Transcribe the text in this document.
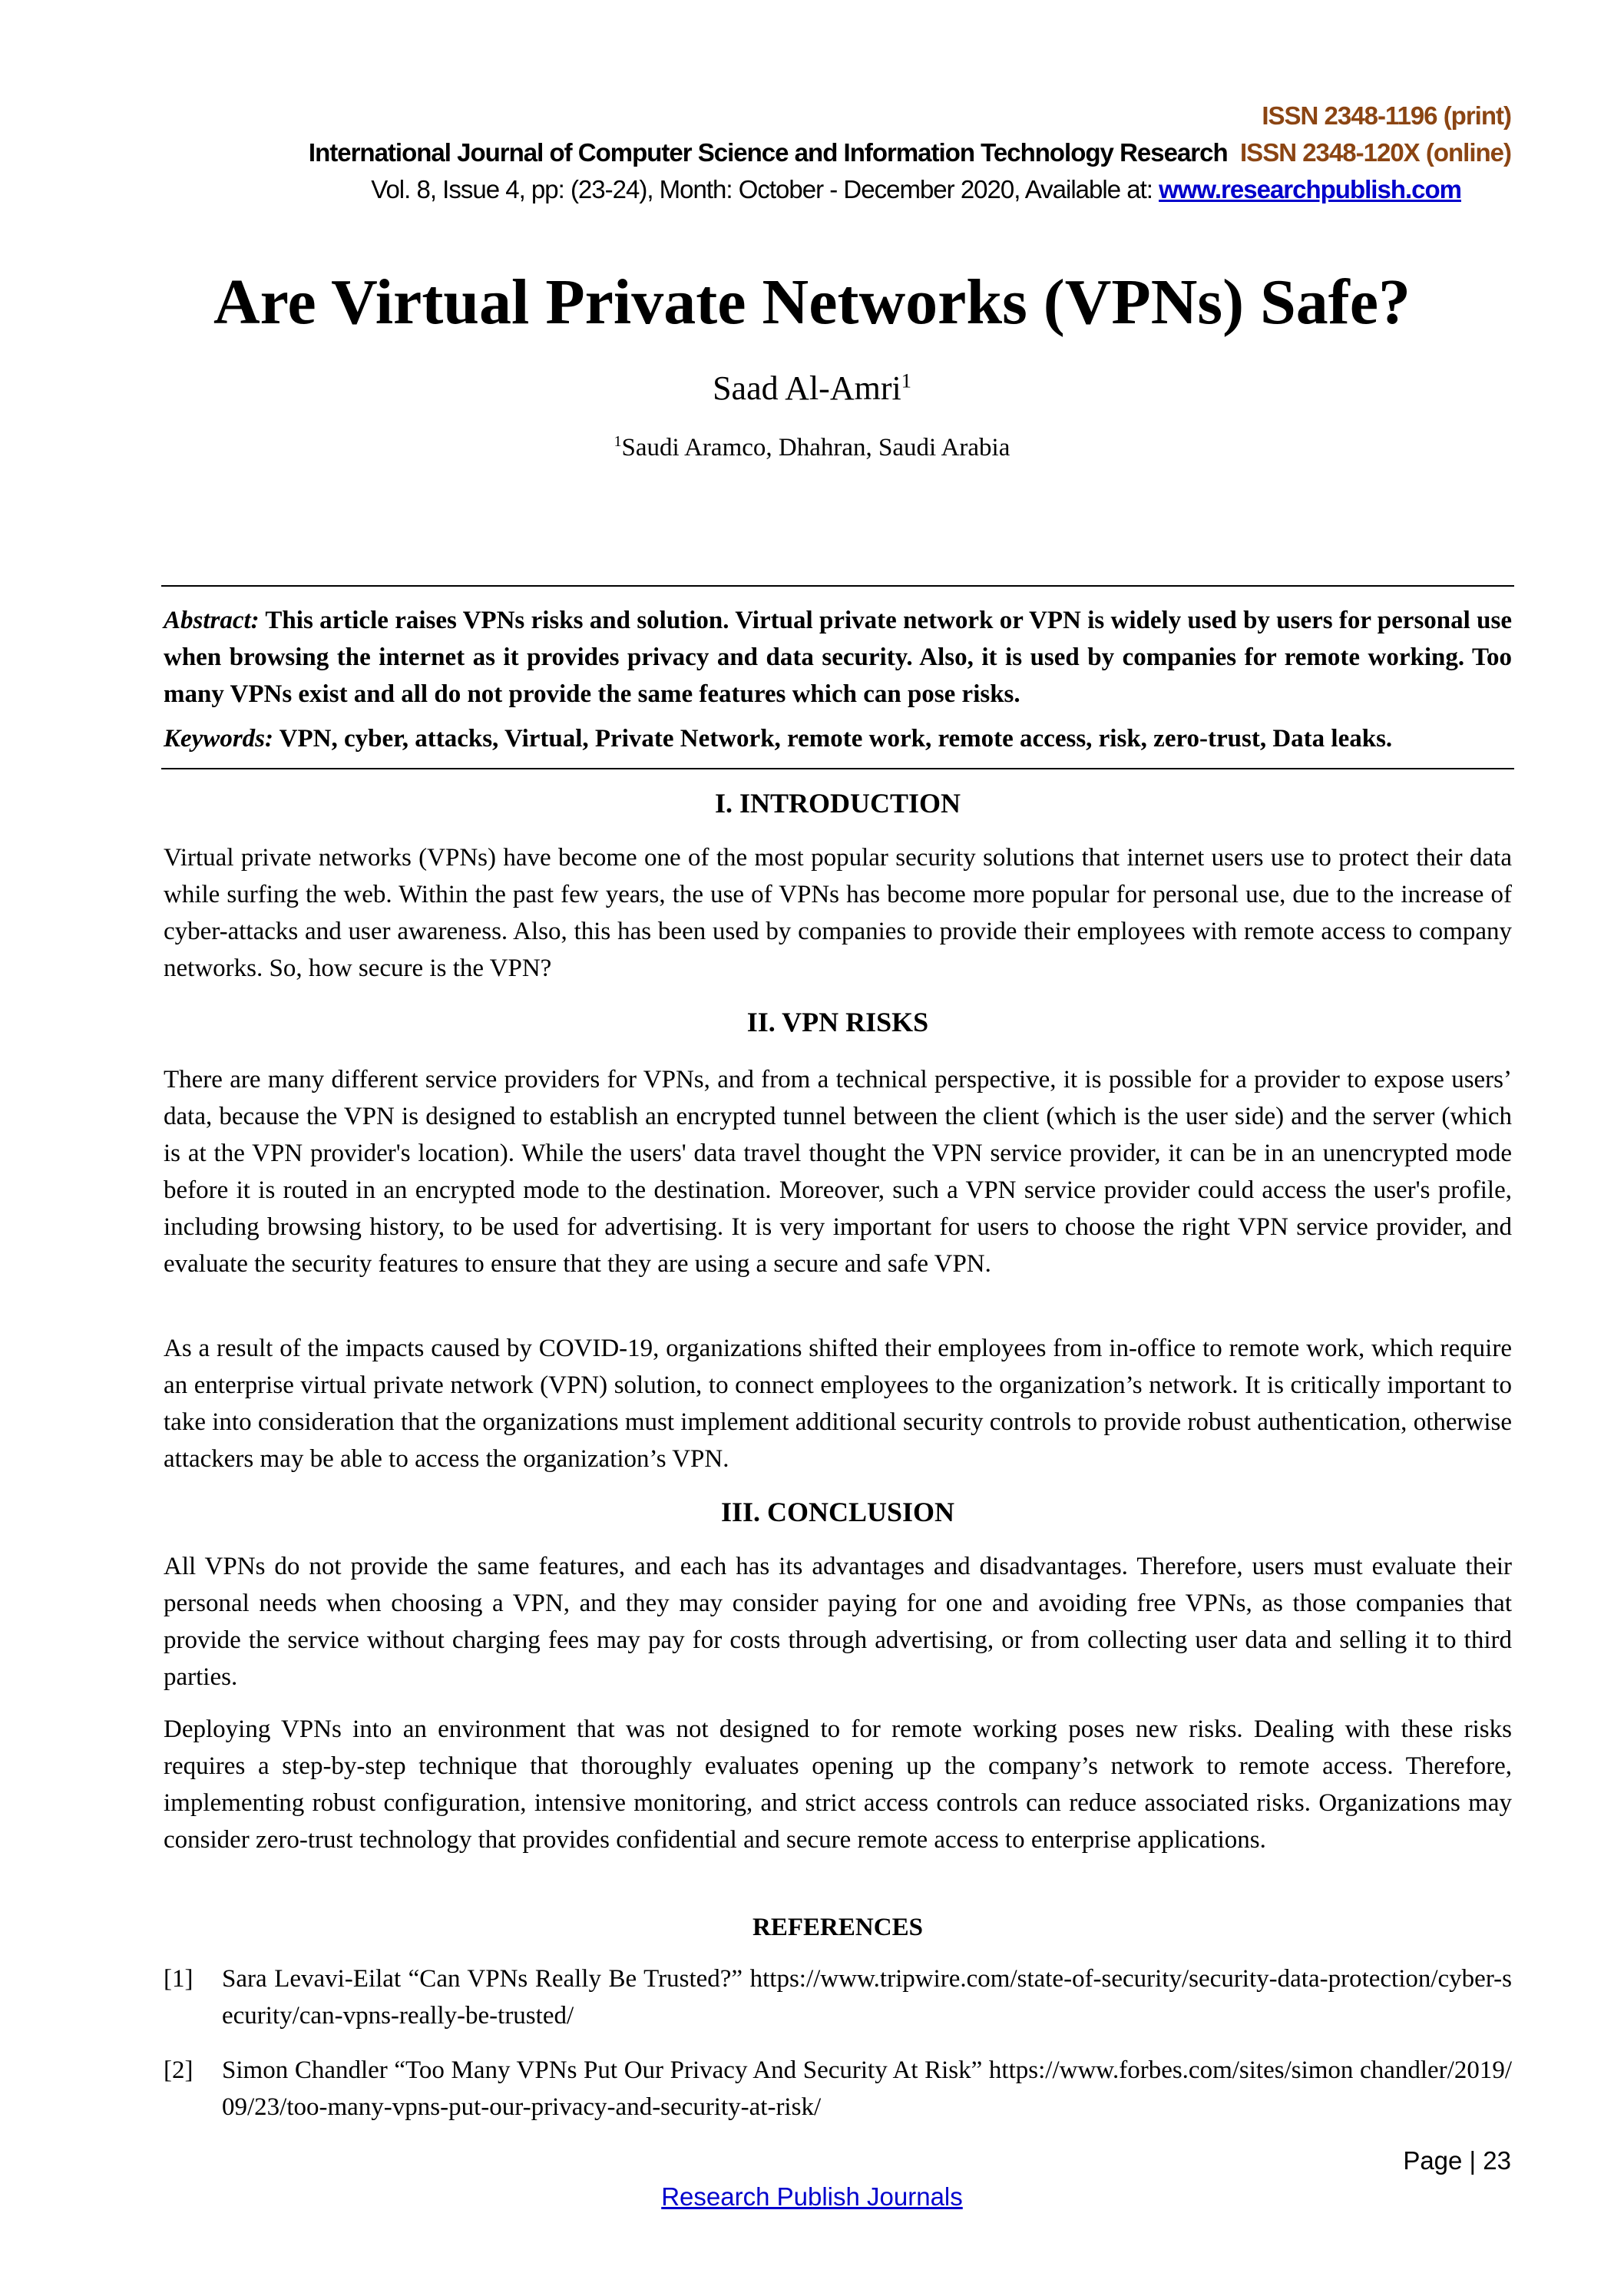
ISSN 2348-1196 (print)
International Journal of Computer Science and Information Technology Research ISSN 2348-120X (online)
Vol. 8, Issue 4, pp: (23-24), Month: October - December 2020, Available at: www.researchpublish.com
Are Virtual Private Networks (VPNs) Safe?
Saad Al-Amri$^1$
$^1$Saudi Aramco, Dhahran, Saudi Arabia

Abstract: This article raises VPNs risks and solution. Virtual private network or VPN is widely used by users for personal use when browsing the internet as it provides privacy and data security. Also, it is used by companies for remote working. Too many VPNs exist and all do not provide the same features which can pose risks.

Keywords: VPN, cyber, attacks, Virtual, Private Network, remote work, remote access, risk, zero-trust, Data leaks.

I. INTRODUCTION

Virtual private networks (VPNs) have become one of the most popular security solutions that internet users use to protect their data while surfing the web. Within the past few years, the use of VPNs has become more popular for personal use, due to the increase of cyber-attacks and user awareness. Also, this has been used by companies to provide their employees with remote access to company networks. So, how secure is the VPN?

II. VPN RISKS

There are many different service providers for VPNs, and from a technical perspective, it is possible for a provider to expose users’ data, because the VPN is designed to establish an encrypted tunnel between the client (which is the user side) and the server (which is at the VPN provider's location). While the users' data travel thought the VPN service provider, it can be in an unencrypted mode before it is routed in an encrypted mode to the destination. Moreover, such a VPN service provider could access the user's profile, including browsing history, to be used for advertising. It is very important for users to choose the right VPN service provider, and evaluate the security features to ensure that they are using a secure and safe VPN.

As a result of the impacts caused by COVID-19, organizations shifted their employees from in-office to remote work, which require an enterprise virtual private network (VPN) solution, to connect employees to the organization’s network. It is critically important to take into consideration that the organizations must implement additional security controls to provide robust authentication, otherwise attackers may be able to access the organization’s VPN.

III. CONCLUSION

All VPNs do not provide the same features, and each has its advantages and disadvantages. Therefore, users must evaluate their personal needs when choosing a VPN, and they may consider paying for one and avoiding free VPNs, as those companies that provide the service without charging fees may pay for costs through advertising, or from collecting user data and selling it to third parties.

Deploying VPNs into an environment that was not designed to for remote working poses new risks. Dealing with these risks requires a step-by-step technique that thoroughly evaluates opening up the company’s network to remote access. Therefore, implementing robust configuration, intensive monitoring, and strict access controls can reduce associated risks. Organizations may consider zero-trust technology that provides confidential and secure remote access to enterprise applications.

REFERENCES
[1] Sara Levavi-Eilat “Can VPNs Really Be Trusted?” https://www.tripwire.com/state-of-security/security-data-protection/cyber-security/can-vpns-really-be-trusted/
[2] Simon Chandler “Too Many VPNs Put Our Privacy And Security At Risk” https://www.forbes.com/sites/simon chandler/2019/09/23/too-many-vpns-put-our-privacy-and-security-at-risk/
Page | 23
Research Publish Journals
